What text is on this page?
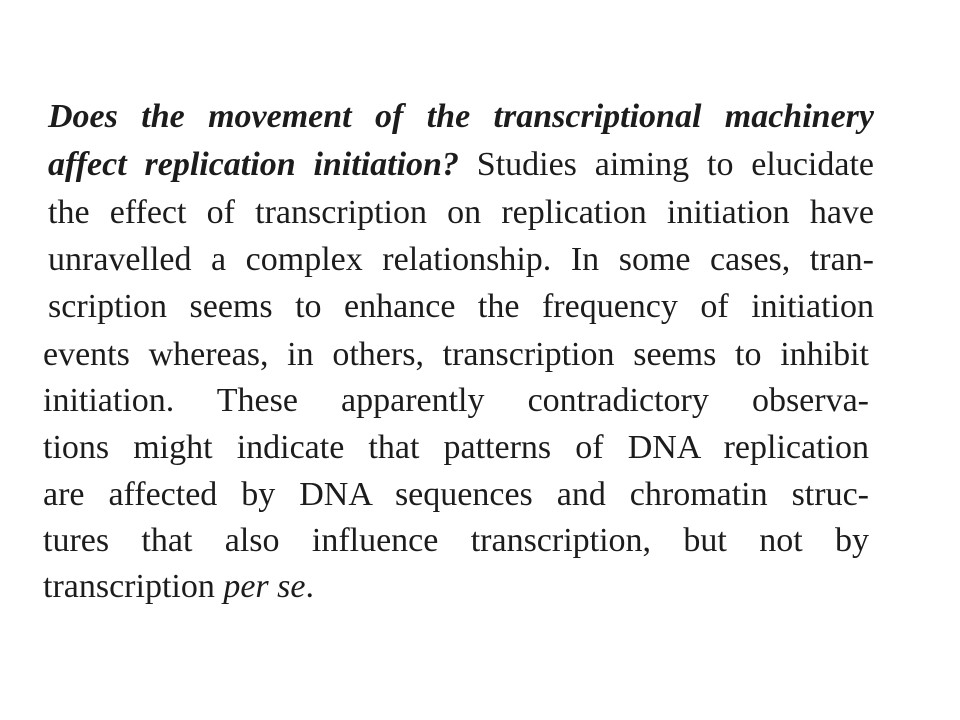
Does the movement of the transcriptional machinery
affect replication initiation? Studies aiming to elucidate
the effect of transcription on replication initiation have
unravelled a complex relationship. In some cases, tran-
scription seems to enhance the frequency of initiation
events whereas, in others, transcription seems to inhibit
initiation. These apparently contradictory observa-
tions might indicate that patterns of DNA replication
are affected by DNA sequences and chromatin struc-
tures that also influence transcription, but not by
transcription per se.
